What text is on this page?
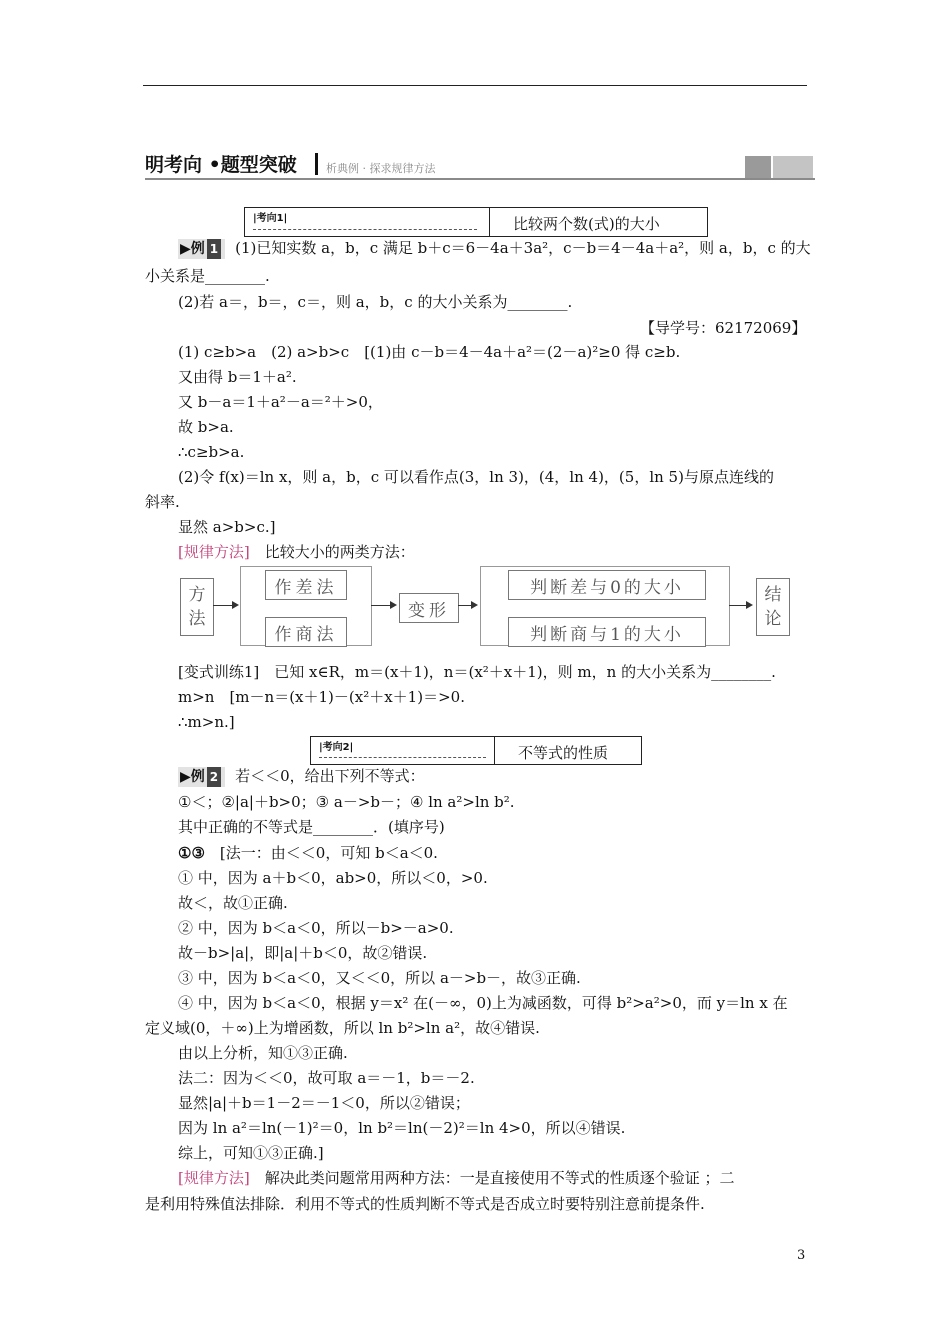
明考向 •题型突破	析典例 · 探求规律方法
|考向1|	比较两个数(式)的大小
▶例 1 (1)已知实数 a，b，c 满足 b＋c＝6－4a＋3a²，c－b＝4－4a＋a²，则 a，b，c 的大
小关系是________.
(2)若 a＝，b＝，c＝，则 a，b，c 的大小关系为________.
【导学号：62172069】
(1) c≥b>a　(2) a>b>c　[(1)由 c－b＝4－4a＋a²＝(2－a)²≥0 得 c≥b.
又由得 b＝1＋a².
又 b－a＝1＋a²－a＝²＋>0，
故 b>a.
∴c≥b>a.
(2)令 f(x)＝ln x，则 a，b，c 可以看作点(3，ln 3)，(4，ln 4)，(5，ln 5)与原点连线的
斜率.
显然 a>b>c.]
[规律方法]　 比较大小的两类方法：
方法
作差法
作商法
变形
判断差与0的大小
判断商与1的大小
结论
[变式训练1]　已知 x∈R，m＝(x＋1)，n＝(x²＋x＋1)，则 m，n 的大小关系为________.
m>n　[m－n＝(x＋1)－(x²＋x＋1)＝>0.
∴m>n.]
|考向2|	不等式的性质
▶例 2 若＜＜0，给出下列不等式：
①＜；②|a|＋b>0；③ a－>b－；④ ln a²>ln b².
其中正确的不等式是________．(填序号)
①③　 [法一：由＜＜0，可知 b＜a＜0.
① 中，因为 a＋b＜0，ab>0，所以＜0，>0.
故＜，故①正确.
② 中，因为 b＜a＜0，所以－b>－a>0.
故－b>|a|，即|a|＋b＜0，故②错误.
③ 中，因为 b＜a＜0，又＜＜0，所以 a－>b－，故③正确.
④ 中，因为 b＜a＜0，根据 y＝x² 在(－∞，0)上为减函数，可得 b²>a²>0，而 y＝ln x 在
定义域(0，＋∞)上为增函数，所以 ln b²>ln a²，故④错误.
由以上分析，知①③正确.
法二：因为＜＜0，故可取 a＝－1，b＝－2.
显然|a|＋b＝1－2＝－1＜0，所以②错误；
因为 ln a²＝ln(－1)²＝0，ln b²＝ln(－2)²＝ln 4>0，所以④错误.
综上，可知①③正确.]
[规律方法]　 解决此类问题常用两种方法：一是直接使用不等式的性质逐个验证 ；二
是利用特殊值法排除．利用不等式的性质判断不等式是否成立时要特别注意前提条件.
3
